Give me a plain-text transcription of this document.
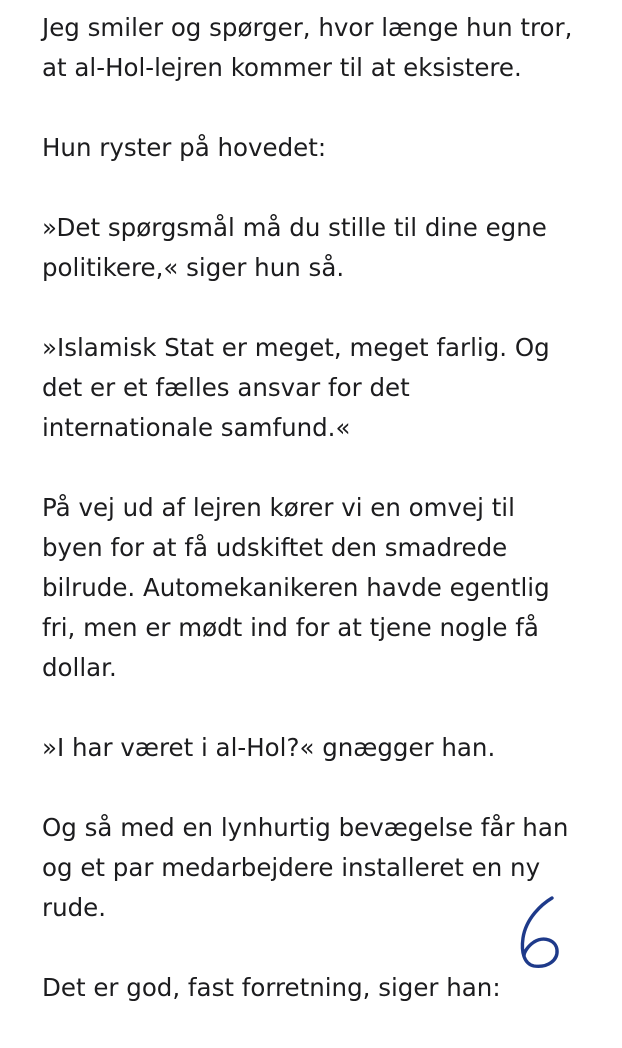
Jeg smiler og spørger, hvor længe hun tror,
at al-Hol-lejren kommer til at eksistere.

Hun ryster på hovedet:

»Det spørgsmål må du stille til dine egne
politikere,« siger hun så.

»Islamisk Stat er meget, meget farlig. Og
det er et fælles ansvar for det
internationale samfund.«

På vej ud af lejren kører vi en omvej til
byen for at få udskiftet den smadrede
bilrude. Automekanikeren havde egentlig
fri, men er mødt ind for at tjene nogle få
dollar.

»I har været i al-Hol?« gnægger han.

Og så med en lynhurtig bevægelse får han
og et par medarbejdere installeret en ny
rude.

Det er god, fast forretning, siger han:
